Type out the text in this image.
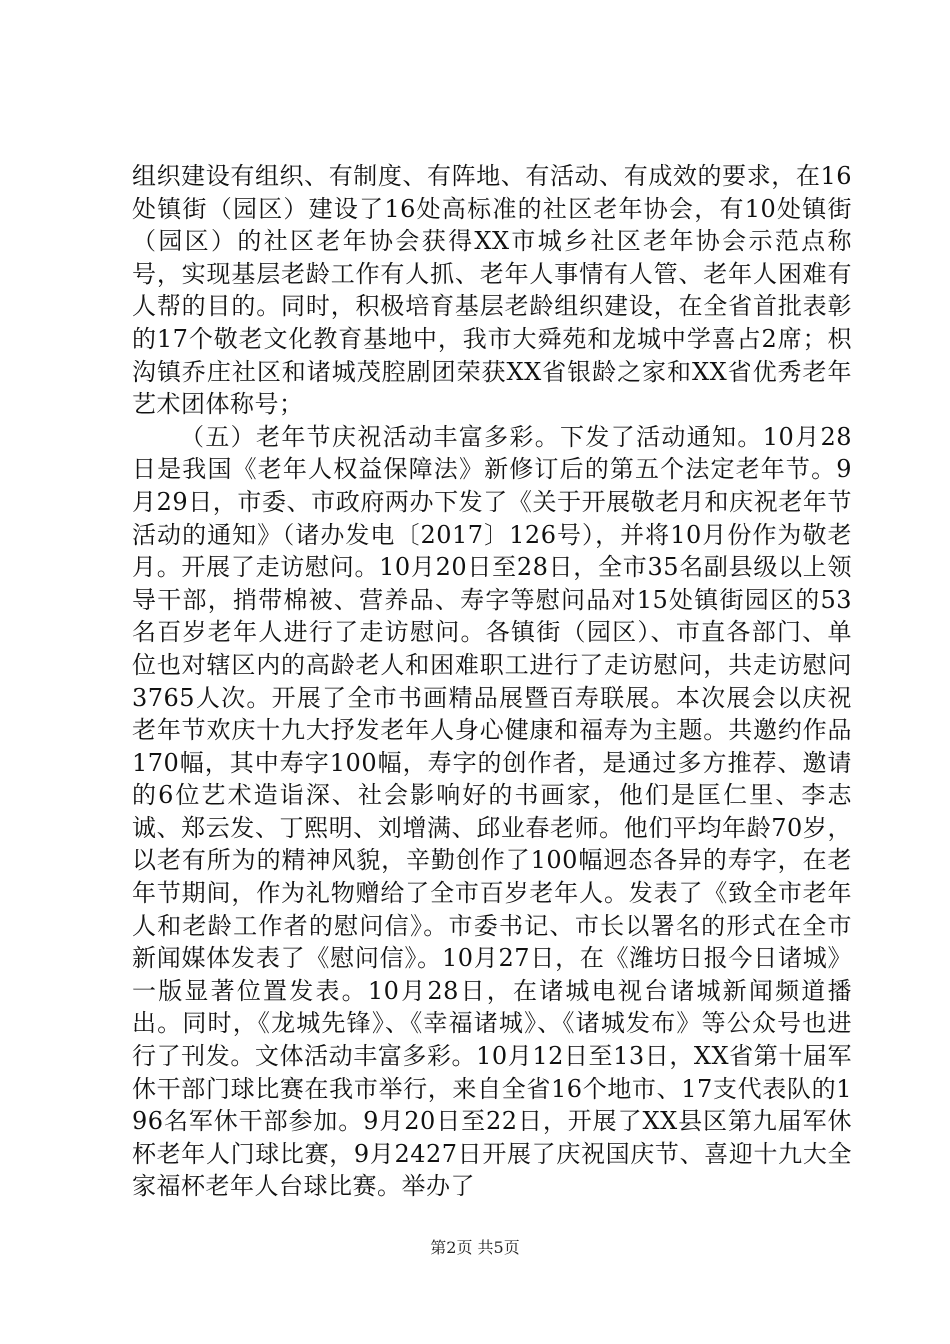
组织建设有组织、有制度、有阵地、有活动、有成效的要求，在16处镇街（园区）建设了16处高标准的社区老年协会，有10处镇街（园区）的社区老年协会获得XX市城乡社区老年协会示范点称号，实现基层老龄工作有人抓、老年人事情有人管、老年人困难有人帮的目的。同时，积极培育基层老龄组织建设，在全省首批表彰的17个敬老文化教育基地中，我市大舜苑和龙城中学喜占2席；枳沟镇乔庄社区和诸城茂腔剧团荣获XX省银龄之家和XX省优秀老年艺术团体称号；

（五）老年节庆祝活动丰富多彩。下发了活动通知。10月28日是我国《老年人权益保障法》新修订后的第五个法定老年节。9月29日，市委、市政府两办下发了《关于开展敬老月和庆祝老年节活动的通知》（诸办发电〔2017〕126号），并将10月份作为敬老月。开展了走访慰问。10月20日至28日，全市35名副县级以上领导干部，捎带棉被、营养品、寿字等慰问品对15处镇街园区的53名百岁老年人进行了走访慰问。各镇街（园区）、市直各部门、单位也对辖区内的高龄老人和困难职工进行了走访慰问，共走访慰问3765人次。开展了全市书画精品展暨百寿联展。本次展会以庆祝老年节欢庆十九大抒发老年人身心健康和福寿为主题。共邀约作品170幅，其中寿字100幅，寿字的创作者，是通过多方推荐、邀请的6位艺术造诣深、社会影响好的书画家，他们是匡仁里、李志诚、郑云发、丁熙明、刘增满、邱业春老师。他们平均年龄70岁，以老有所为的精神风貌，辛勤创作了100幅迥态各异的寿字，在老年节期间，作为礼物赠给了全市百岁老年人。发表了《致全市老年人和老龄工作者的慰问信》。市委书记、市长以署名的形式在全市新闻媒体发表了《慰问信》。10月27日，在《潍坊日报今日诸城》一版显著位置发表。10月28日，在诸城电视台诸城新闻频道播出。同时，《龙城先锋》、《幸福诸城》、《诸城发布》等公众号也进行了刊发。文体活动丰富多彩。10月12日至13日，XX省第十届军休干部门球比赛在我市举行，来自全省16个地市、17支代表队的196名军休干部参加。9月20日至22日，开展了XX县区第九届军休杯老年人门球比赛，9月2427日开展了庆祝国庆节、喜迎十九大全家福杯老年人台球比赛。举办了

第2页 共5页
